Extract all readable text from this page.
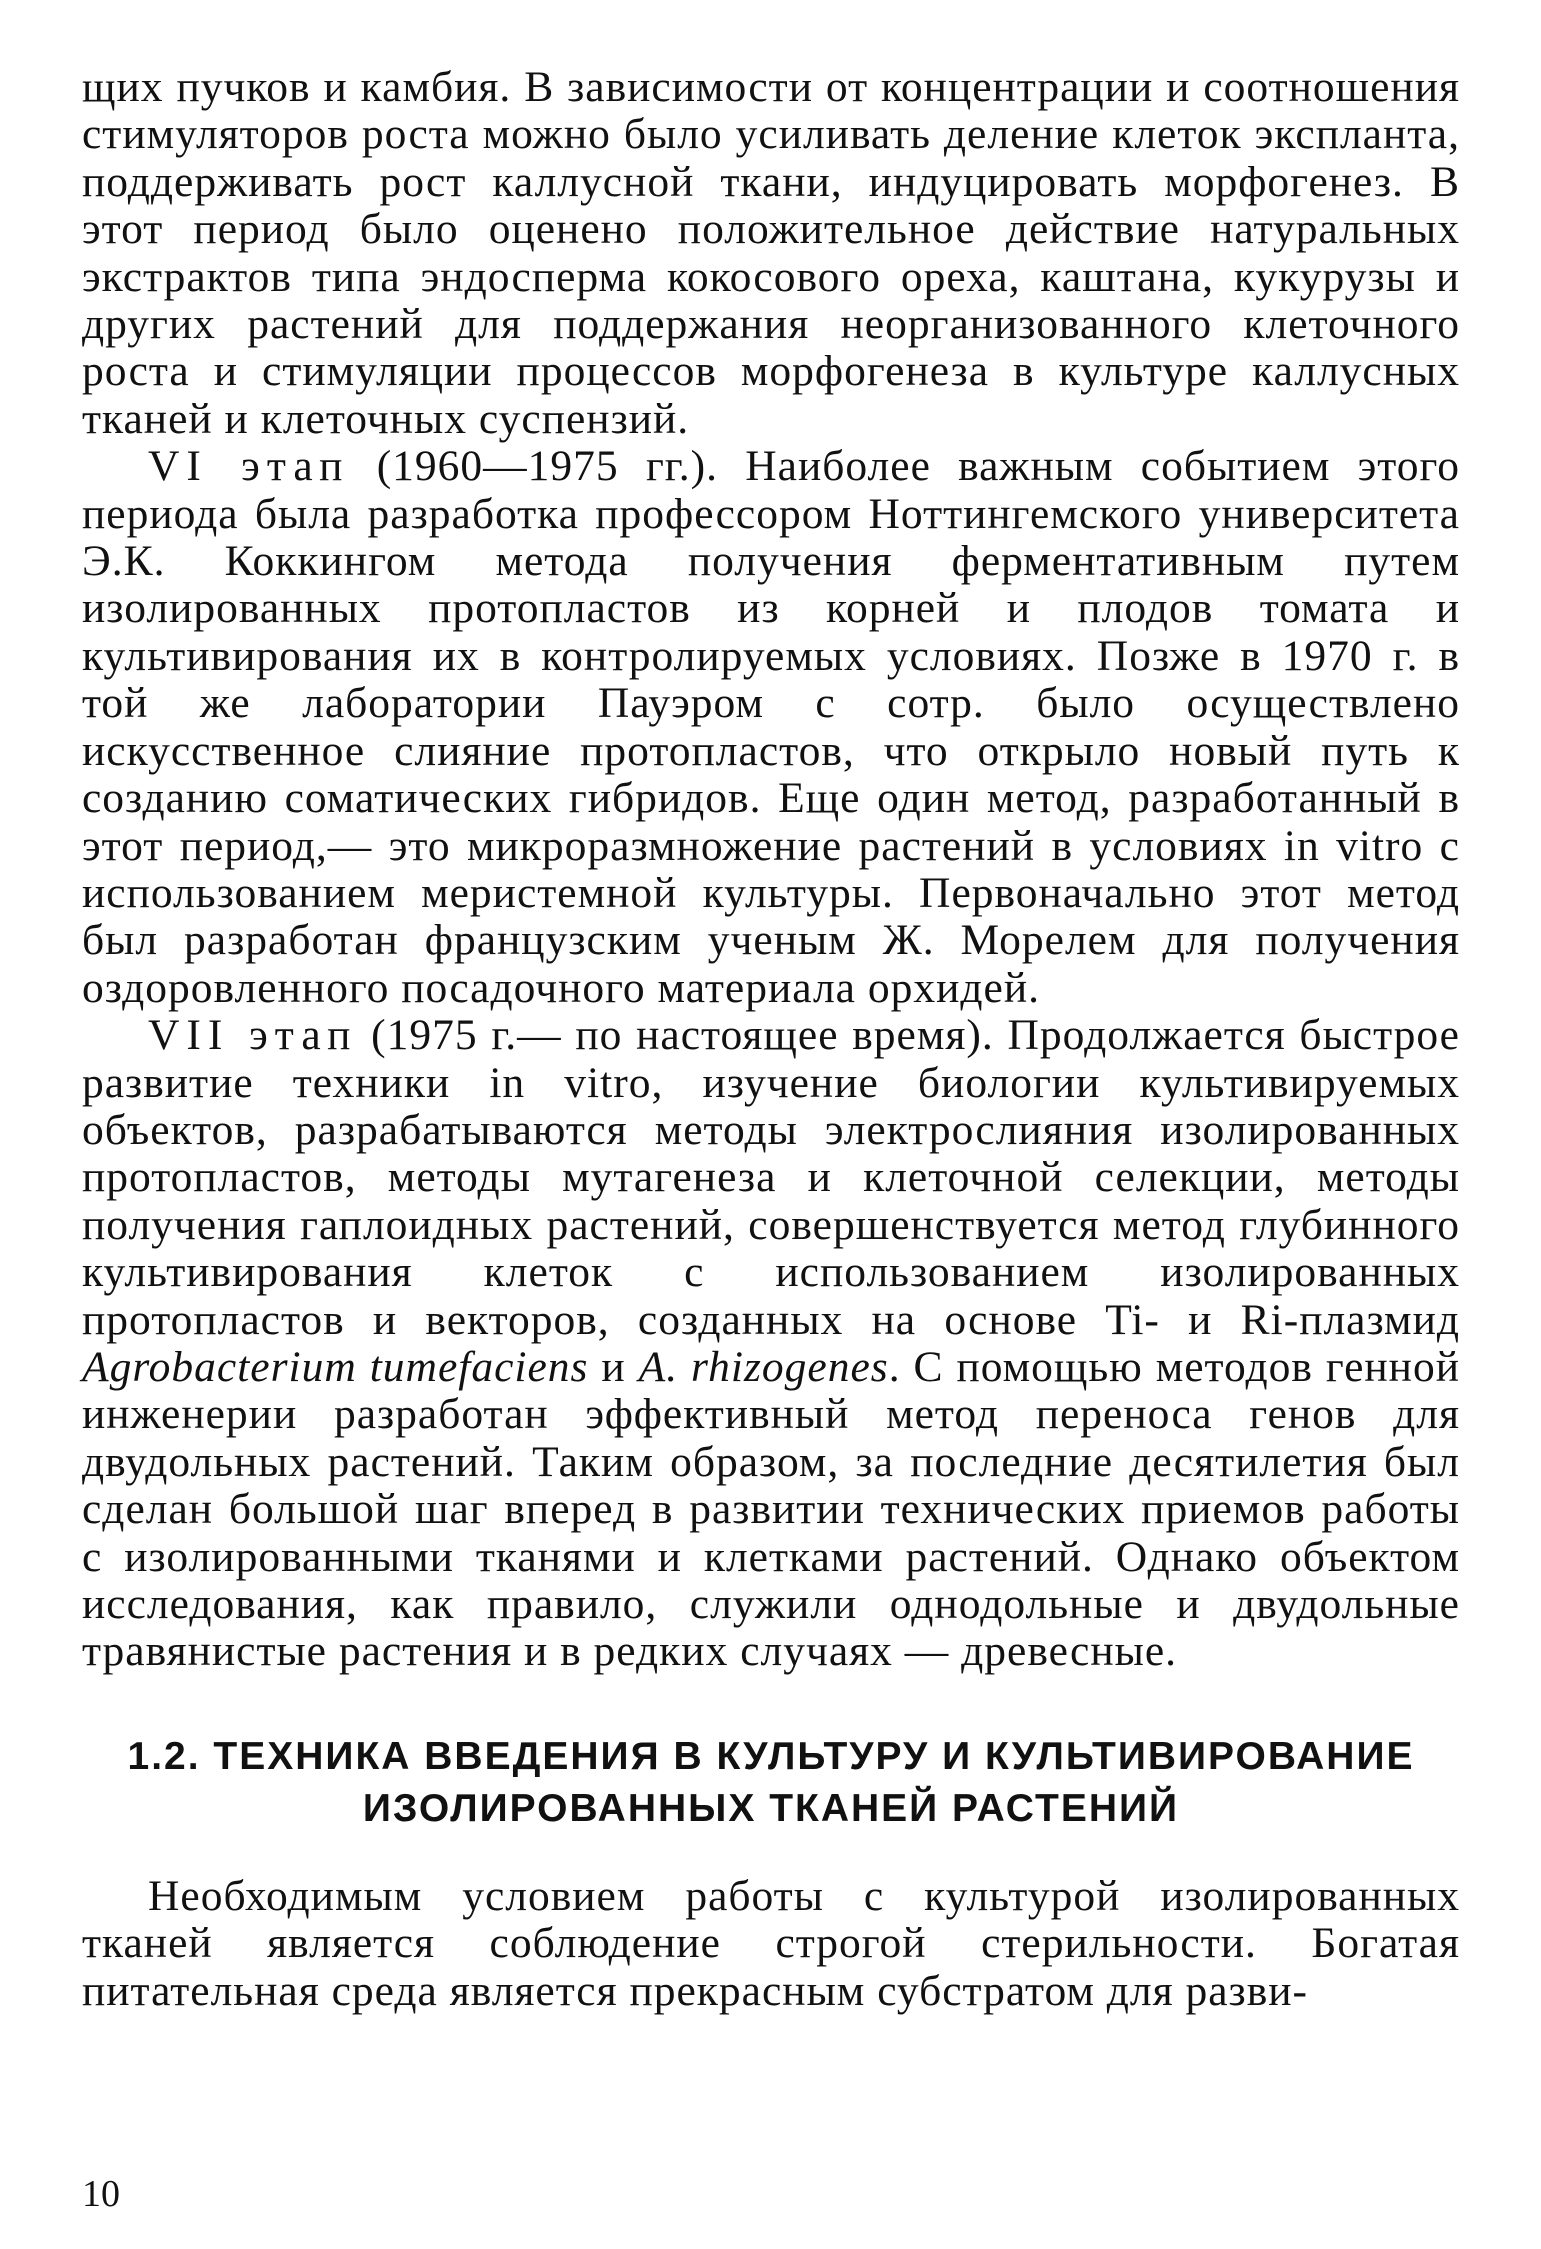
щих пучков и камбия. В зависимости от концентрации и соотношения стимуляторов роста можно было усиливать деление клеток экспланта, поддерживать рост каллусной ткани, индуцировать морфогенез. В этот период было оценено положительное действие натуральных экстрактов типа эндосперма кокосового ореха, каштана, кукурузы и других растений для поддержания неорганизованного клеточного роста и стимуляции процессов морфогенеза в культуре каллусных тканей и клеточных суспензий.

VI этап (1960—1975 гг.). Наиболее важным событием этого периода была разработка профессором Ноттингемского университета Э.К. Коккингом метода получения ферментативным путем изолированных протопластов из корней и плодов томата и культивирования их в контролируемых условиях. Позже в 1970 г. в той же лаборатории Пауэром с сотр. было осуществлено искусственное слияние протопластов, что открыло новый путь к созданию соматических гибридов. Еще один метод, разработанный в этот период,— это микроразмножение растений в условиях in vitro с использованием меристемной культуры. Первоначально этот метод был разработан французским ученым Ж. Морелем для получения оздоровленного посадочного материала орхидей.

VII этап (1975 г.— по настоящее время). Продолжается быстрое развитие техники in vitro, изучение биологии культивируемых объектов, разрабатываются методы электрослияния изолированных протопластов, методы мутагенеза и клеточной селекции, методы получения гаплоидных растений, совершенствуется метод глубинного культивирования клеток с использованием изолированных протопластов и векторов, созданных на основе Ti- и Ri-плазмид Agrobacterium tumefaciens и A. rhizogenes. С помощью методов генной инженерии разработан эффективный метод переноса генов для двудольных растений. Таким образом, за последние десятилетия был сделан большой шаг вперед в развитии технических приемов работы с изолированными тканями и клетками растений. Однако объектом исследования, как правило, служили однодольные и двудольные травянистые растения и в редких случаях — древесные.

1.2. ТЕХНИКА ВВЕДЕНИЯ В КУЛЬТУРУ И КУЛЬТИВИРОВАНИЕ
ИЗОЛИРОВАННЫХ ТКАНЕЙ РАСТЕНИЙ

Необходимым условием работы с культурой изолированных тканей является соблюдение строгой стерильности. Богатая питательная среда является прекрасным субстратом для разви-

10
